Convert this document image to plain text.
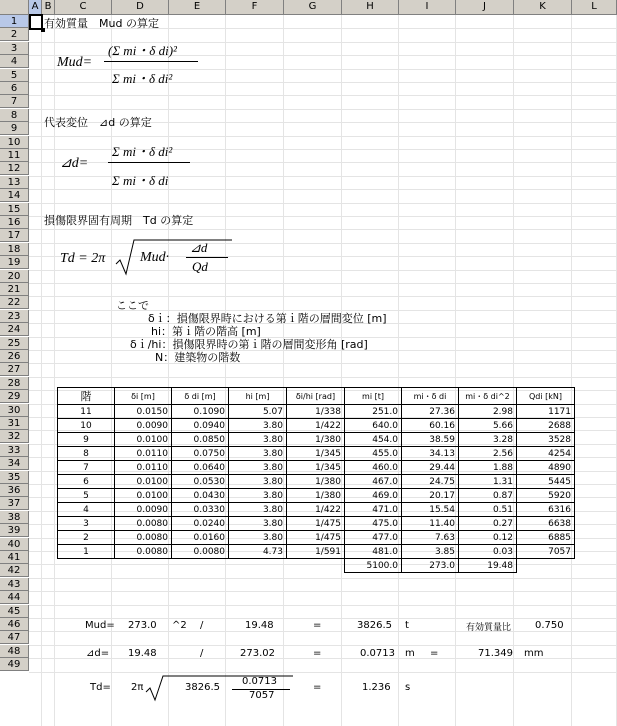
A B	C	D	E	F	G	H	I	J	K	L
1
2
3
4
5
6
7
8
9
10
11
12
13
14
15
16
17
18
19
20
21
22
23
24
25
26
27
28
29
30
31
32
33
34
35
36
37
38
39
40
41
42
43
44
45
46
47
48
49
有効質量　Mud の算定
代表変位　⊿d の算定
損傷限界固有周期　Td の算定
Mud=
(Σ mi・δ di)²
Σ mi・δ di²
⊿d=
Σ mi・δ di²
Σ mi・δ di
Td = 2π Mud·
⊿d
Qd
ここで
δｉ：損傷限界時における第ｉ階の層間変位 [m]
hi：第ｉ階の階高 [m]
δｉ/hi：損傷限界時の第ｉ階の層間変形角 [rad]
N：建築物の階数
階	δi [m]	δ di [m]	hi [m]	δi/hi [rad]	mi [t]	mi・δ di	mi・δ di^2	Qdi [kN]
11	0.0150	0.1090	5.07	1/338	251.0	27.36	2.98	1171
10	0.0090	0.0940	3.80	1/422	640.0	60.16	5.66	2688
9	0.0100	0.0850	3.80	1/380	454.0	38.59	3.28	3528
8	0.0110	0.0750	3.80	1/345	455.0	34.13	2.56	4254
7	0.0110	0.0640	3.80	1/345	460.0	29.44	1.88	4890
6	0.0100	0.0530	3.80	1/380	467.0	24.75	1.31	5445
5	0.0100	0.0430	3.80	1/380	469.0	20.17	0.87	5920
4	0.0090	0.0330	3.80	1/422	471.0	15.54	0.51	6316
3	0.0080	0.0240	3.80	1/475	475.0	11.40	0.27	6638
2	0.0080	0.0160	3.80	1/475	477.0	7.63	0.12	6885
1	0.0080	0.0080	4.73	1/591	481.0	3.85	0.03	7057
					5100.0	273.0	19.48	
Mud= 273.0 ^2 /	19.48	=	3826.5 t	有効質量比 0.750
⊿d= 19.48	/	273.02	=	0.0713 m =	71.349 mm
Td= 2π	3826.5
0.0713
7057
=	1.236 s
